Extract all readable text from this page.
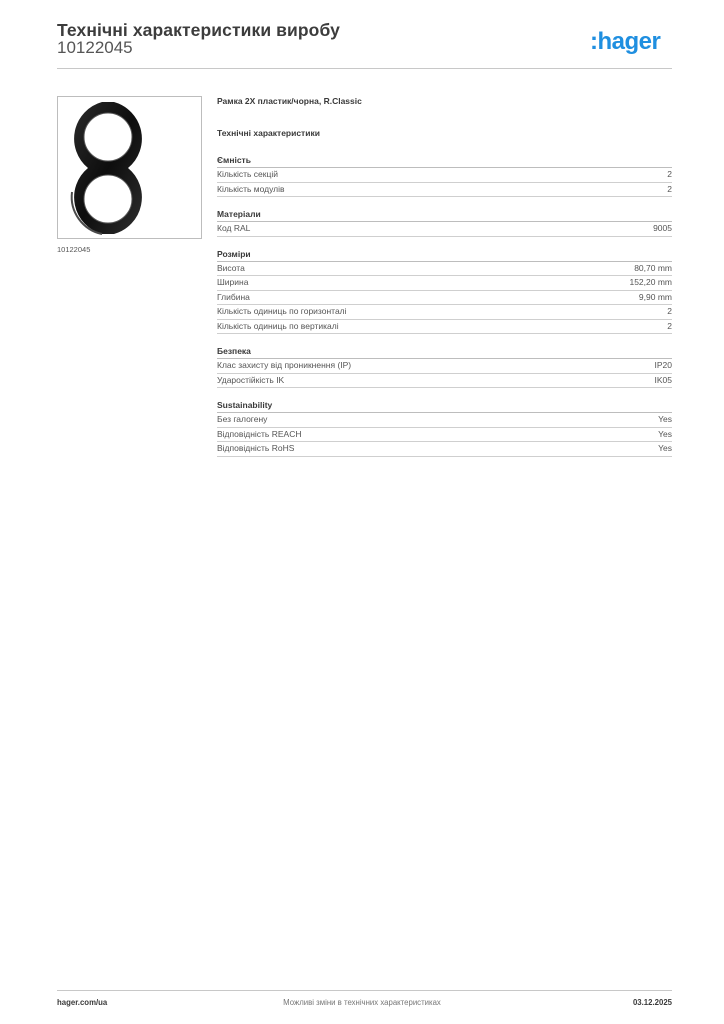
Технічні характеристики виробу
10122045	:hager
10122045
Рамка 2X пластик/чорна, R.Classic
Технічні характеристики
Ємність
Кількість секцій	2
Кількість модулів	2
Матеріали
Код RAL	9005
Розміри
Висота	80,70 mm
Ширина	152,20 mm
Глибина	9,90 mm
Кількість одиниць по горизонталі	2
Кількість одиниць по вертикалі	2
Безпека
Клас захисту від проникнення (IP)	IP20
Ударостійкість IK	IK05
Sustainability
Без галогену	Yes
Відповідність REACH	Yes
Відповідність RoHS	Yes
Можливі зміни в технічних характеристиках
hager.com/ua	03.12.2025
